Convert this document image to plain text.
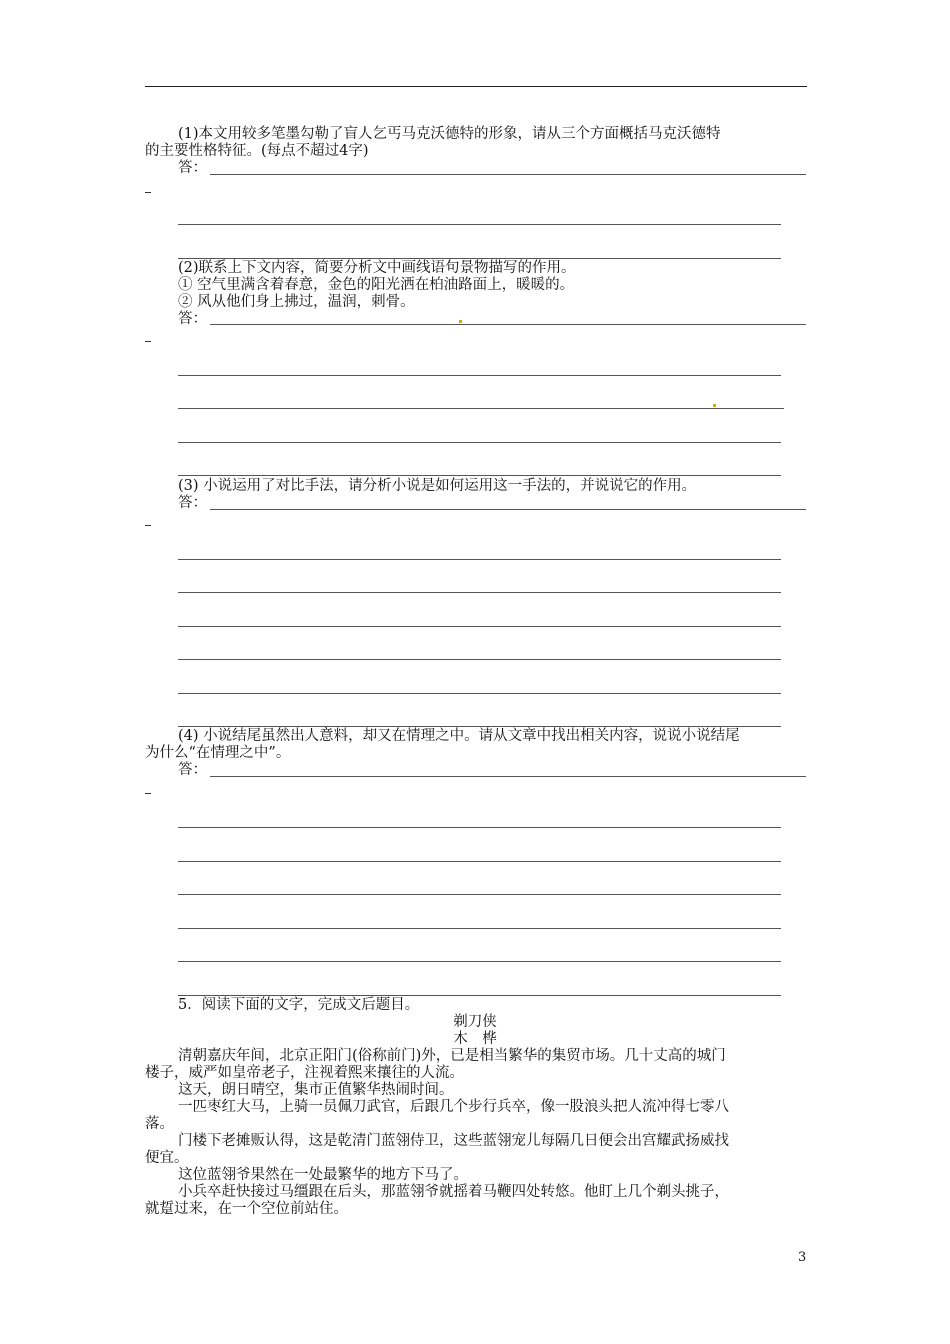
(1)本文用较多笔墨勾勒了盲人乞丐马克沃德特的形象，请从三个方面概括马克沃德特
的主要性格特征。(每点不超过4字)
答：
(2)联系上下文内容，简要分析文中画线语句景物描写的作用。
① 空气里满含着春意，金色的阳光洒在柏油路面上，暖暖的。
② 风从他们身上拂过，温润，刺骨。
答：
(3) 小说运用了对比手法，请分析小说是如何运用这一手法的，并说说它的作用。
答：
(4) 小说结尾虽然出人意料，却又在情理之中。请从文章中找出相关内容，说说小说结尾
为什么“在情理之中”。
答：
5．阅读下面的文字，完成文后题目。
剃刀侠
木　桦
清朝嘉庆年间，北京正阳门(俗称前门)外，已是相当繁华的集贸市场。几十丈高的城门
楼子，威严如皇帝老子，注视着熙来攘往的人流。
这天，朗日晴空，集市正值繁华热闹时间。
一匹枣红大马，上骑一员佩刀武官，后跟几个步行兵卒，像一股浪头把人流冲得七零八
落。
门楼下老摊贩认得，这是乾清门蓝翎侍卫，这些蓝翎宠儿每隔几日便会出宫耀武扬威找
便宜。
这位蓝翎爷果然在一处最繁华的地方下马了。
小兵卒赶快接过马缰跟在后头，那蓝翎爷就摇着马鞭四处转悠。他盯上几个剃头挑子，
就踅过来，在一个空位前站住。
3
